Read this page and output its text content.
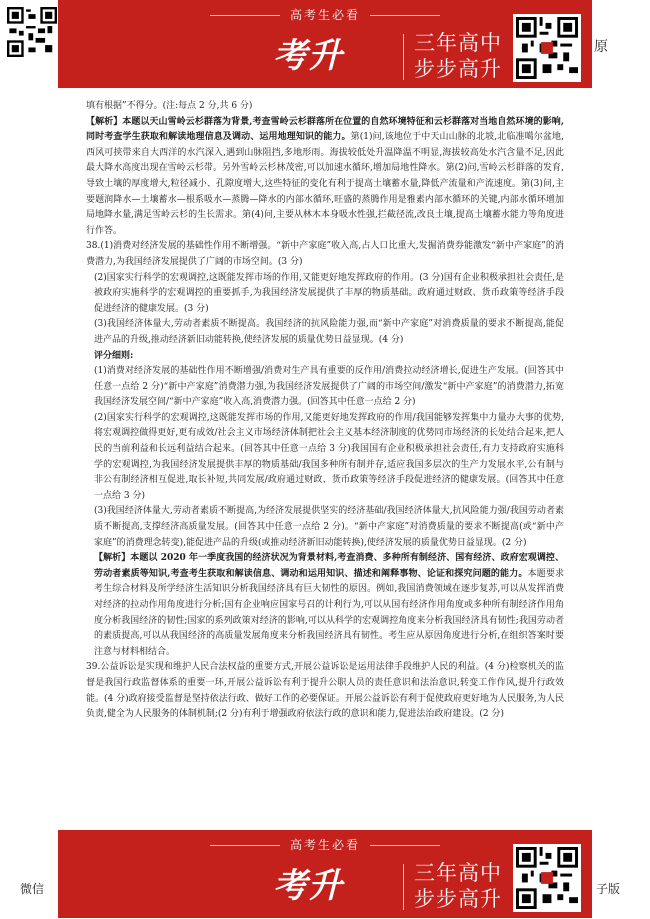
高考生必看
考升	三年高中
步步高升
原

填有根据”不得分。(注:每点 2 分,共 6 分)

【解析】本题以天山雪岭云杉群落为背景,考查雪岭云杉群落所在位置的自然环境特征和云杉群落对当地自然环境的影响,同时考查学生获取和解读地理信息及调动、运用地理知识的能力。第(1)问,该地位于中天山山脉的北坡,北临准噶尔盆地,西风可挟带来自大西洋的水汽深入,遇到山脉阻挡,多地形雨。海拔较低处升温降温不明显,海拔较高处水汽含量不足,因此最大降水高度出现在雪岭云杉带。另外雪岭云杉林茂密,可以加速水循环,增加局地性降水。第(2)问,雪岭云杉群落的发育,导致土壤的厚度增大,粒径减小、孔隙度增大,这些特征的变化有利于提高土壤蓄水量,降低产流量和产流速度。第(3)问,主要题润降水—土壤蓄水—根系吸水—蒸腾—降水的内部水循环,旺盛的蒸腾作用是雅素内部水循环的关键,内部水循环增加局地降水量,满足雪岭云杉的生长需求。第(4)问,主要从林木本身吸水性强,拦截径流,改良土壤,提高土壤蓄水能力等角度进行作答。

38.(1)消费对经济发展的基础性作用不断增强。“新中产家庭”收入高,占人口比重大,发掘消费券能激发“新中产家庭”的消费潜力,为我国经济发展提供了广阔的市场空间。(3 分)

(2)国家实行科学的宏观调控,这既能发挥市场的作用,又能更好地发挥政府的作用。(3 分)国有企业积极承担社会责任,是被政府实施科学的宏观调控的重要抓手,为我国经济发展提供了丰厚的物质基础。政府通过财政、货币政策等经济手段促进经济的健康发展。(3 分)

(3)我国经济体量大,劳动者素质不断提高。我国经济的抗风险能力强,而“新中产家庭”对消费质量的要求不断提高,能促进产品的升级,推动经济新旧动能转换,使经济发展的质量优势日益显现。(4 分)

评分细则:

(1)消费对经济发展的基础性作用不断增强/消费对生产具有重要的反作用/消费拉动经济增长,促进生产发展。(回答其中任意一点给 2 分)“新中产家庭”消费潜力强,为我国经济发展提供了广阔的市场空间/激发“新中产家庭”的消费潜力,拓宽我国经济发展空间/“新中产家庭”收入高,消费潜力强。(回答其中任意一点给 2 分)

(2)国家实行科学的宏观调控,这既能发挥市场的作用,又能更好地发挥政府的作用/我国能够发挥集中力量办大事的优势,将宏观调控做得更好,更有成效/社会主义市场经济体制把社会主义基本经济制度的优势同市场经济的长处结合起来,把人民的当前利益和长远利益结合起来。(回答其中任意一点给 3 分)我国国有企业积极承担社会责任,有力支持政府实施科学的宏观调控,为我国经济发展提供丰厚的物质基础/我国多种所有制并存,适应我国多层次的生产力发展水平,公有制与非公有制经济相互促进,取长补短,共同发展/政府通过财政、货币政策等经济手段促进经济的健康发展。(回答其中任意一点给 3 分)

(3)我国经济体量大,劳动者素质不断提高,为经济发展提供坚实的经济基础/我国经济体量大,抗风险能力强/我国劳动者素质不断提高,支撑经济高质量发展。(回答其中任意一点给 2 分)。“新中产家庭”对消费质量的要求不断提高(或“新中产家庭”的消费理念转变),能促进产品的升级(或推动经济新旧动能转换),使经济发展的质量优势日益显现。(2 分)

【解析】本题以 2020 年一季度我国的经济状况为背景材料,考查消费、多种所有制经济、国有经济、政府宏观调控、劳动者素质等知识,考查考生获取和解读信息、调动和运用知识、描述和阐释事物、论证和探究问题的能力。本题要求考生综合材料及所学经济生活知识分析我国经济具有巨大韧性的原因。例如,我国消费领域在逐步复苏,可以从发挥消费对经济的拉动作用角度进行分析;国有企业响应国家号召的计利行为,可以从国有经济作用角度或多种所有制经济作用角度分析我国经济的韧性;国家的系列政策对经济的影响,可以从科学的宏观调控角度来分析我国经济具有韧性;我国劳动者的素质提高,可以从我国经济的高质量发展角度来分析我国经济具有韧性。考生应从原因角度进行分析,在组织答案时要注意与材料相结合。

39.公益诉讼是实现和维护人民合法权益的重要方式,开展公益诉讼是运用法律手段维护人民的利益。(4 分)检察机关的监督是我国行政监督体系的重要一环,开展公益诉讼有利于提升公职人员的责任意识和法治意识,转变工作作风,提升行政效能。(4 分)政府接受监督是坚持依法行政、做好工作的必要保证。开展公益诉讼有利于促使政府更好地为人民服务,为人民负责,健全为人民服务的体制机制;(2 分)有利于增强政府依法行政的意识和能力,促进法治政府建设。(2 分)

微信	子版
高考生必看
考升	三年高中
步步高升
